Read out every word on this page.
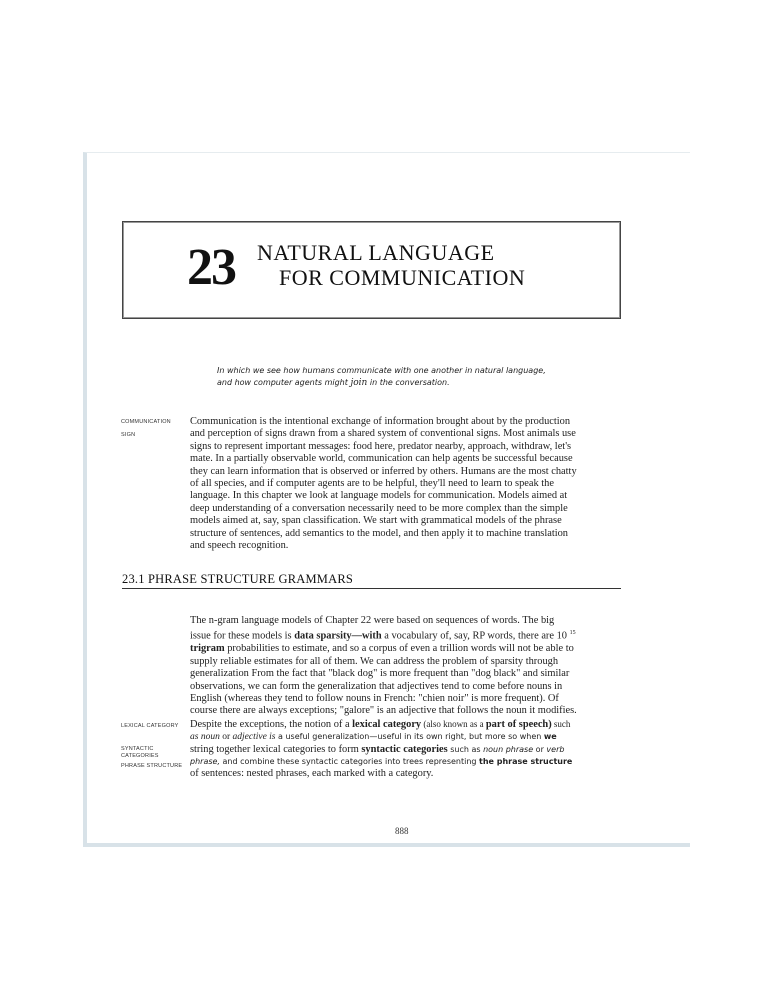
23 NATURAL LANGUAGE
FOR COMMUNICATION
In which we see how humans communicate with one another in natural language,
and how computer agents might join in the conversation.
COMMUNICATION
SIGN
Communication is the intentional exchange of information brought about by the production
and perception of signs drawn from a shared system of conventional signs. Most animals use
signs to represent important messages: food here, predator nearby, approach, withdraw, let's
mate. In a partially observable world, communication can help agents be successful because
they can learn information that is observed or inferred by others. Humans are the most chatty
of all species, and if computer agents are to be helpful, they'll need to learn to speak the
language. In this chapter we look at language models for communication. Models aimed at
deep understanding of a conversation necessarily need to be more complex than the simple
models aimed at, say, span classification. We start with grammatical models of the phrase
structure of sentences, add semantics to the model, and then apply it to machine translation
and speech recognition.
23.1 PHRASE STRUCTURE GRAMMARS
LEXICAL CATEGORY
SYNTACTIC
CATEGORIES
PHRASE STRUCTURE
The n-gram language models of Chapter 22 were based on sequences of words. The big
issue for these models is data sparsity—with a vocabulary of, say, RP words, there are 10 $^{15}$
trigram probabilities to estimate, and so a corpus of even a trillion words will not be able to
supply reliable estimates for all of them. We can address the problem of sparsity through
generalization From the fact that "black dog" is more frequent than "dog black" and similar
observations, we can form the generalization that adjectives tend to come before nouns in
English (whereas they tend to follow nouns in French: "chien noir" is more frequent). Of
course there are always exceptions; "galore" is an adjective that follows the noun it modifies.
Despite the exceptions, the notion of a lexical category (also known as a part of speech) such
as noun or adjective is a useful generalization—useful in its own right, but more so when we
string together lexical categories to form syntactic categories such as noun phrase or verb
phrase, and combine these syntactic categories into trees representing the phrase structure
of sentences: nested phrases, each marked with a category.
888
